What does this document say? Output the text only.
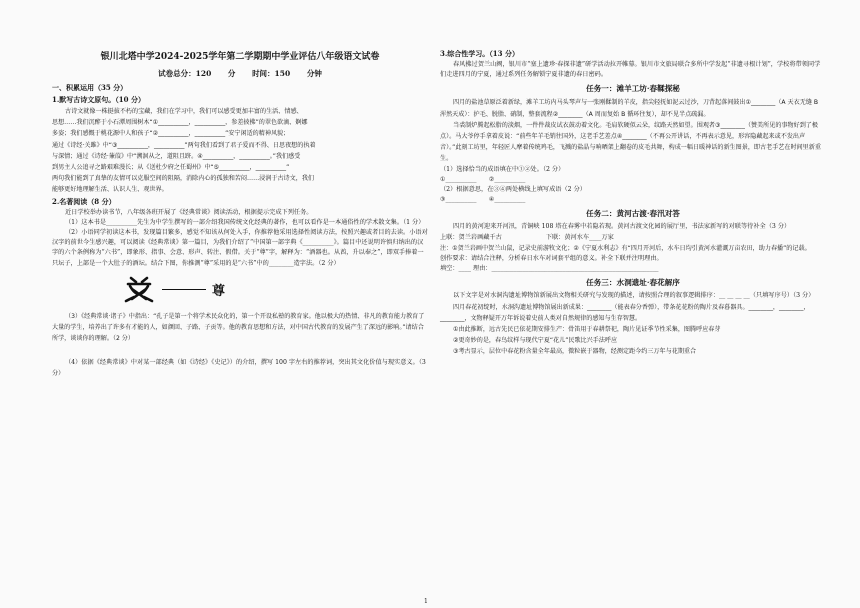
银川北塔中学2024-2025学年第二学期期中学业评估八年级语文试卷
试卷总分：120 分 时间：150 分钟

一、积累运用（35 分）

1.默写古诗文原句。（10 分）

古诗文就像一株挺拔不朽的宝藏，我们在学习中，我们可以感受更加丰富的生活、情感、

思想……我们沉醉于小石潭周围树木“①__________，__________，参差披拂”的翠色欲滴、婀娜

多姿；我们感慨于桃花源中人和孩子“②__________，__________”安宁闲适的精神风貌；

通过《诗经·关雎》中“③__________，__________”两句我们看到了君子爱而不得、日思夜想的执着

与深情；通过《诗经·蒹葭》中“溯洄从之，道阻且跻。④__________，__________。”我们感受

到男主人公追寻之路艰难漫长；从《送杜少府之任蜀州》中“⑤__________，__________”

两句我们能到了真挚的友情可以克服空间的阻隔，消除内心的孤独和苦闷……浸润于古诗文，我们

能够更好地理解生活、认识人生、观世界。

2.名著阅读（8 分）

近日学校举办读书节，八年级各班开展了《经典常谈》阅读活动，根据提示完成下列任务。

（1）这本书是__________先生为中学生撰写的一部介绍我国传统文化经典的著作，也可以看作是一本通俗性的学术散文集。（1 分）

（2）小语同学初读这本书，发现篇目繁多，感觉不知该从何处入手，你推荐他采用选择性阅读方法，按照兴趣或者目的去读。小语对汉字的前世今生感兴趣，可以阅读《经典常谈》第一篇目，为我们介绍了“中国第一部字典《__________》。篇目中还说明许慎归纳出的汉字的六个条例称为“六书”，即象形、指事、会意、形声、转注、假借。关于“尊”字，解释为：“酒器也。从酋，升以奉之”，即双手捧着一只坛子，上部是一个大肚子的酒坛。结合下图，你推测“尊”采用的是“六书”中的________造字法。（2 分）

尊

（3）《经典常谈·诸子》中指出：“孔子是第一个将学术民众化的，第一个开设私塾的教育家。他以极大的热情、非凡的教育能力教育了大量的学生，培养出了许多有才能的人，如颜回、子路、子贡等。他的教育思想和方法，对中国古代教育的发展产生了深远的影响。”请结合所学，谈谈你的理解。（2 分）

（4）依据《经典常谈》中对某一部经典（如《诗经》《史记》）的介绍，撰写 100 字左右的推荐词，突出其文化价值与现实意义。（3 分）

3.综合性学习。（13 分）

春风拂过贺兰山阙，银川市“塞上遗珍·春探非遗”研学活动拉开帷幕。银川市文旅局联合多所中学发起“非遗寻根计划”，学校将带领同学们走进四月的宁夏，通过系列任务解锁宁夏非遗的春日密码。

任务一：滩羊工坊·春鞣探秘

四月的盐池草原泛着新绿，滩羊工坊内马头琴声与一张刚鞣制的羊皮，指尖轻抚如泥云过沙，刀背起落间鼓出①________（A 天衣无缝 B 浑然天成）：护毛、脱脂、硝制，整套流程②________（A 周而复始 B 循环往复），却不见半点疏漏。

当裘制炉腾起松脂的淡烟，一件件裁皮试衣鼓动着文化。毛肩软硬似云朵，纹路天然如望。围观者③________（赞美所见的事物好到了极点）。马大爷停手拿着皮说：“前些年羊毛销往国外，这老手艺差点④________（不再公开讲话，不再表示意见，形容隐藏起来或不发出声音）。”此刻工坊里，年轻匠人摩着传统鸡毛，飞溅的盐晶与响晒架上翻卷的皮毛共舞，构成一幅日暖神话的新生图景，即古老手艺在时间里新重生。

（1）选择恰当的成语填在中①②处。（2 分）

①__________　　②__________

（2）根据意思，在③④两处横线上填写成语（2 分）

③__________　　④__________

任务二：黄河古渡·春汛对答

四月的黄河迎来开河汛，青铜峡 108 塔在春雾中若隐若现。黄河古渡文化园的展厅里，书法家新写的对联等待补全（3 分）

上联：贺兰岩画藏千古	下联：黄河水车____万家

注：①贺兰岩画中贺兰山鼠，记录史前游牧文化；②《宁夏水利志》有“四月开河后，水车日均引黄河水灌溉万亩农田，助力春播”的记载。

创作要求：请结合注释，分析春日水车对词套平组的意义。补全下联并注明理由。

填空：____ 理由：______________________________________________________

任务三：水洞遗址·春花解序

以下文字是对水洞沟遗址博物馆新展出文物相关研究与发现的描述，请按照合理的叙事逻辑排序：__ __ __ __（只填写序号）（3 分）

四月春花初绽时，水洞沟遗址博物馆展出新成果：________（能表春分香弹），带条花花粉的陶片及春暮器具。________，________，________，文物释疑开万年诉说着史前人类对自然规律的感知与生存智慧。

①由此推断，远古先民已依花期安排生产：骨笛用于春耕祭祀，陶片见证季节性采集，图腾呼应春芽

②更奇妙的是，春鸟纹样与现代宁夏“花儿”民歌比兴手法呼应

③考古显示，层位中春花粉含量全年最高，微粒嵌于器物，经测定距今约三万年与花期重合

1
